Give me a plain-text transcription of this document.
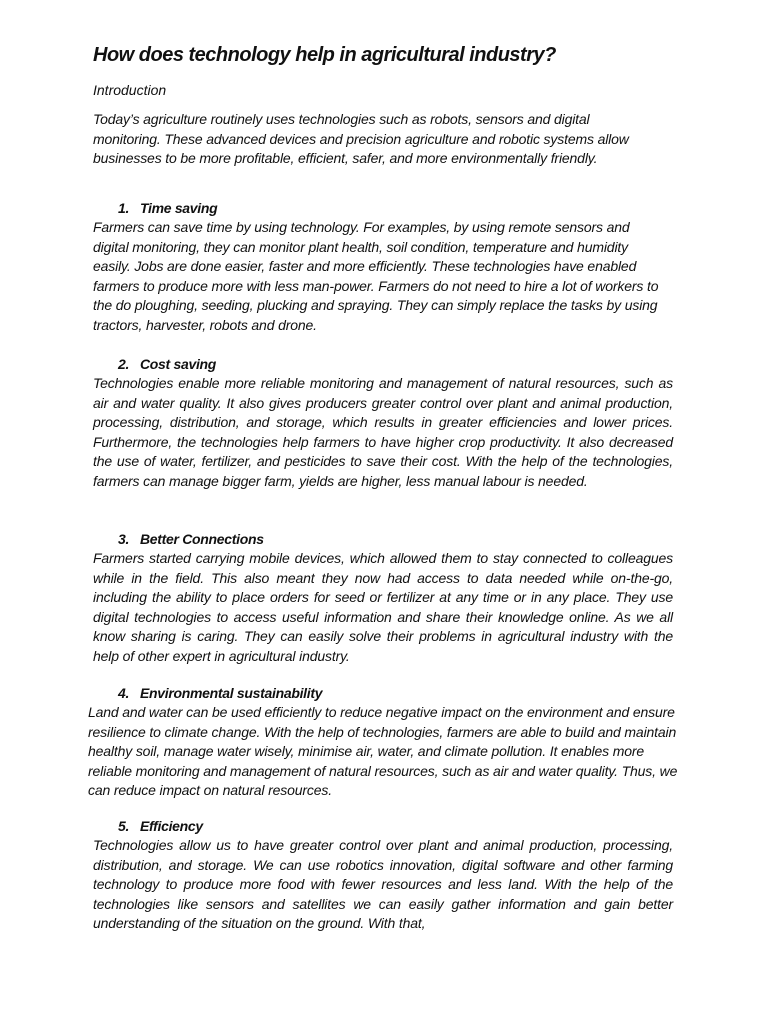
How does technology help in agricultural industry?

Introduction

Today’s agriculture routinely uses technologies such as robots, sensors and digital monitoring. These advanced devices and precision agriculture and robotic systems allow businesses to be more profitable, efficient, safer, and more environmentally friendly.

1. Time saving

Farmers can save time by using technology. For examples, by using remote sensors and digital monitoring, they can monitor plant health, soil condition, temperature and humidity easily. Jobs are done easier, faster and more efficiently. These technologies have enabled farmers to produce more with less man-power. Farmers do not need to hire a lot of workers to the do ploughing, seeding, plucking and spraying. They can simply replace the tasks by using tractors, harvester, robots and drone.

2. Cost saving

Technologies enable more reliable monitoring and management of natural resources, such as air and water quality. It also gives producers greater control over plant and animal production, processing, distribution, and storage, which results in greater efficiencies and lower prices. Furthermore, the technologies help farmers to have higher crop productivity. It also decreased the use of water, fertilizer, and pesticides to save their cost. With the help of the technologies, farmers can manage bigger farm, yields are higher, less manual labour is needed.

3. Better Connections

Farmers started carrying mobile devices, which allowed them to stay connected to colleagues while in the field. This also meant they now had access to data needed while on-the-go, including the ability to place orders for seed or fertilizer at any time or in any place. They use digital technologies to access useful information and share their knowledge online. As we all know sharing is caring. They can easily solve their problems in agricultural industry with the help of other expert in agricultural industry.

4. Environmental sustainability

Land and water can be used efficiently to reduce negative impact on the environment and ensure resilience to climate change. With the help of technologies, farmers are able to build and maintain healthy soil, manage water wisely, minimise air, water, and climate pollution. It enables more reliable monitoring and management of natural resources, such as air and water quality. Thus, we can reduce impact on natural resources.

5. Efficiency

Technologies allow us to have greater control over plant and animal production, processing, distribution, and storage. We can use robotics innovation, digital software and other farming technology to produce more food with fewer resources and less land. With the help of the technologies like sensors and satellites we can easily gather information and gain better understanding of the situation on the ground. With that,
